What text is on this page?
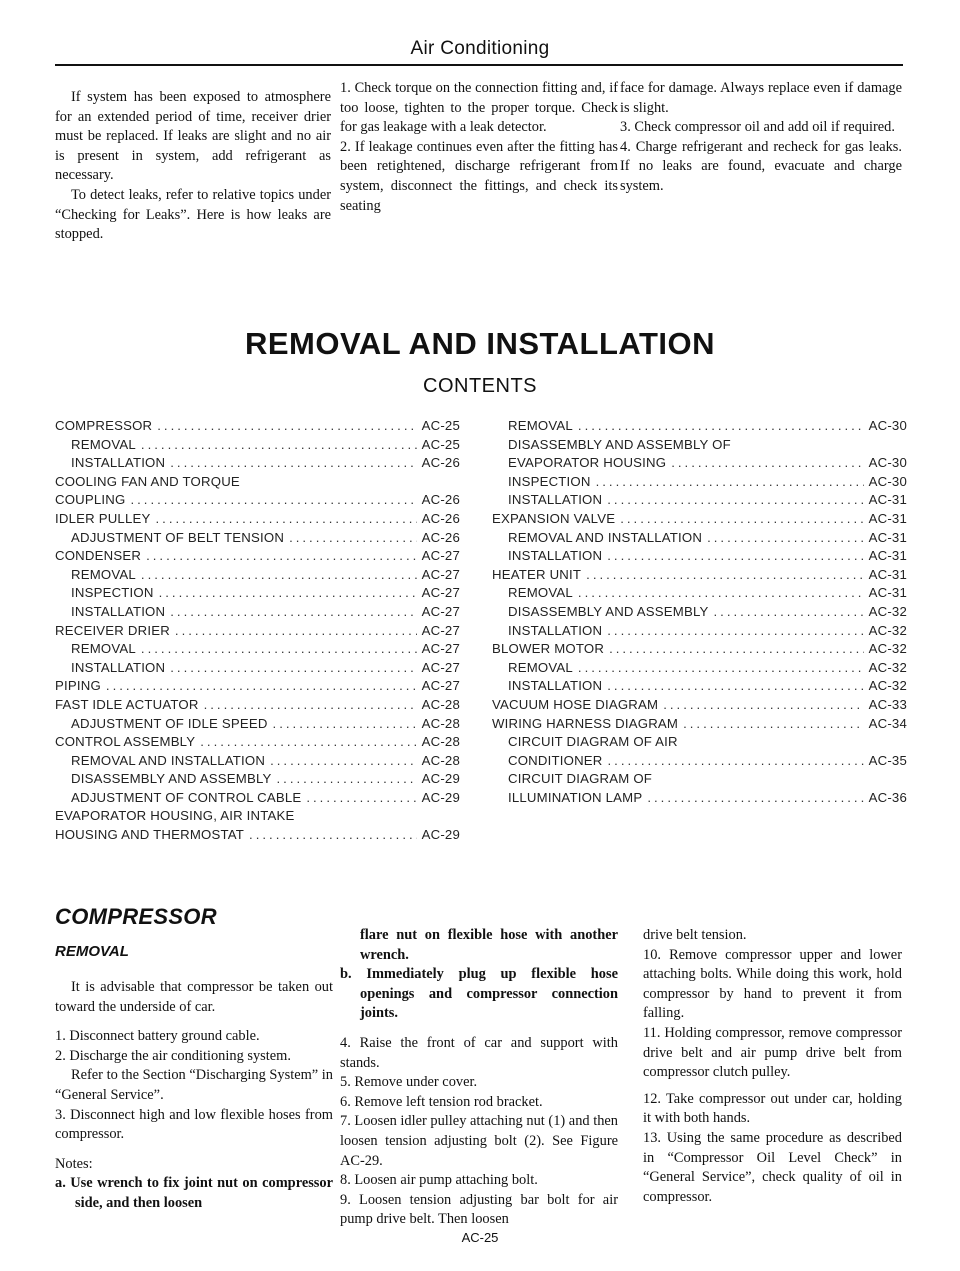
Air Conditioning

If system has been exposed to atmosphere for an extended period of time, receiver drier must be replaced. If leaks are slight and no air is present in system, add refrigerant as necessary.

To detect leaks, refer to relative topics under “Checking for Leaks”. Here is how leaks are stopped.

1. Check torque on the connection fitting and, if too loose, tighten to the proper torque. Check for gas leakage with a leak detector.

2. If leakage continues even after the fitting has been retightened, discharge refrigerant from system, disconnect the fittings, and check its seating

face for damage. Always replace even if damage is slight.

3. Check compressor oil and add oil if required.

4. Charge refrigerant and recheck for gas leaks. If no leaks are found, evacuate and charge system.

REMOVAL AND INSTALLATION
CONTENTS
COMPRESSOR .....	AC-25
REMOVAL .....	AC-25
INSTALLATION .....	AC-26
COOLING FAN AND TORQUE
COUPLING .....	AC-26
IDLER PULLEY .....	AC-26
ADJUSTMENT OF BELT TENSION .....	AC-26
CONDENSER .....	AC-27
REMOVAL .....	AC-27
INSPECTION .....	AC-27
INSTALLATION .....	AC-27
RECEIVER DRIER .....	AC-27
REMOVAL .....	AC-27
INSTALLATION .....	AC-27
PIPING .....	AC-27
FAST IDLE ACTUATOR .....	AC-28
ADJUSTMENT OF IDLE SPEED .....	AC-28
CONTROL ASSEMBLY .....	AC-28
REMOVAL AND INSTALLATION .....	AC-28
DISASSEMBLY AND ASSEMBLY .....	AC-29
ADJUSTMENT OF CONTROL CABLE .....	AC-29
EVAPORATOR HOUSING, AIR INTAKE
HOUSING AND THERMOSTAT .....	AC-29
REMOVAL .....	AC-30
DISASSEMBLY AND ASSEMBLY OF
EVAPORATOR HOUSING .....	AC-30
INSPECTION .....	AC-30
INSTALLATION .....	AC-31
EXPANSION VALVE .....	AC-31
REMOVAL AND INSTALLATION .....	AC-31
INSTALLATION .....	AC-31
HEATER UNIT .....	AC-31
REMOVAL .....	AC-31
DISASSEMBLY AND ASSEMBLY .....	AC-32
INSTALLATION .....	AC-32
BLOWER MOTOR .....	AC-32
REMOVAL .....	AC-32
INSTALLATION .....	AC-32
VACUUM HOSE DIAGRAM .....	AC-33
WIRING HARNESS DIAGRAM .....	AC-34
CIRCUIT DIAGRAM OF AIR
CONDITIONER .....	AC-35
CIRCUIT DIAGRAM OF
ILLUMINATION LAMP .....	AC-36
COMPRESSOR
REMOVAL

It is advisable that compressor be taken out toward the underside of car.

1. Disconnect battery ground cable.

2. Discharge the air conditioning system.

Refer to the Section “Discharging System” in “General Service”.

3. Disconnect high and low flexible hoses from compressor.

Notes:

a. Use wrench to fix joint nut on compressor side, and then loosen

flare nut on flexible hose with another wrench.

b. Immediately plug up flexible hose openings and compressor connection joints.

4. Raise the front of car and support with stands.

5. Remove under cover.

6. Remove left tension rod bracket.

7. Loosen idler pulley attaching nut (1) and then loosen tension adjusting bolt (2). See Figure AC-29.

8. Loosen air pump attaching bolt.

9. Loosen tension adjusting bar bolt for air pump drive belt. Then loosen

drive belt tension.

10. Remove compressor upper and lower attaching bolts. While doing this work, hold compressor by hand to prevent it from falling.

11. Holding compressor, remove compressor drive belt and air pump drive belt from compressor clutch pulley.

12. Take compressor out under car, holding it with both hands.

13. Using the same procedure as described in “Compressor Oil Level Check” in “General Service”, check quality of oil in compressor.

AC-25
